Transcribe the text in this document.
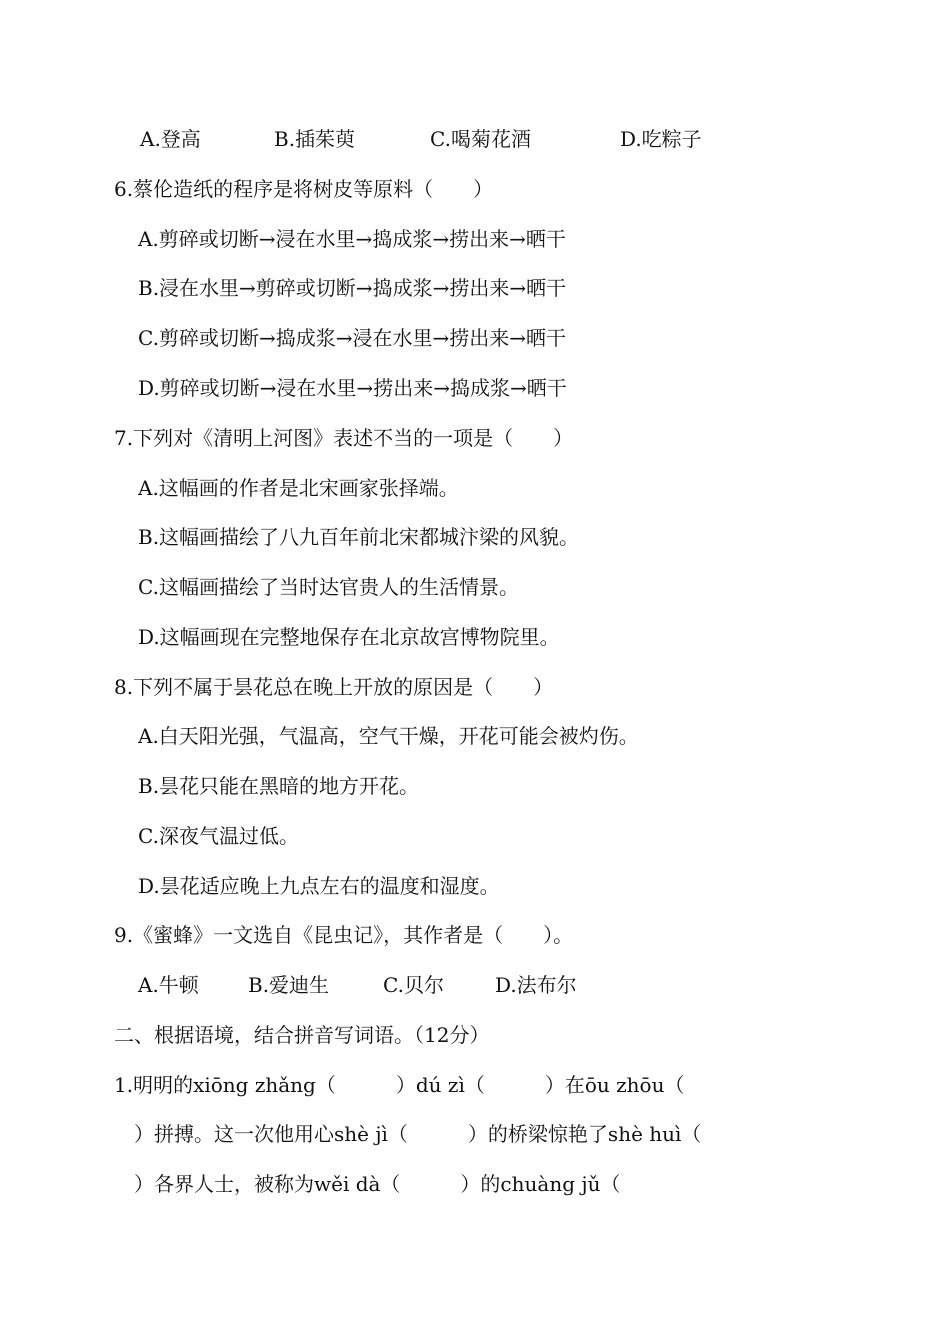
A.登高	B.插茱萸	C.喝菊花酒	D.吃粽子
6.蔡伦造纸的程序是将树皮等原料（　　）
A.剪碎或切断→浸在水里→捣成浆→捞出来→晒干
B.浸在水里→剪碎或切断→捣成浆→捞出来→晒干
C.剪碎或切断→捣成浆→浸在水里→捞出来→晒干
D.剪碎或切断→浸在水里→捞出来→捣成浆→晒干
7.下列对《清明上河图》表述不当的一项是（　　）
A.这幅画的作者是北宋画家张择端。
B.这幅画描绘了八九百年前北宋都城汴梁的风貌。
C.这幅画描绘了当时达官贵人的生活情景。
D.这幅画现在完整地保存在北京故宫博物院里。
8.下列不属于昙花总在晚上开放的原因是（　　）
A.白天阳光强，气温高，空气干燥，开花可能会被灼伤。
B.昙花只能在黑暗的地方开花。
C.深夜气温过低。
D.昙花适应晚上九点左右的温度和湿度。
9.《蜜蜂》一文选自《昆虫记》，其作者是（　　）。
A.牛顿 B.爱迪生	C.贝尔	D.法布尔
二、根据语境，结合拼音写词语。（12分）
1.明明的xiōng zhǎng（　　　）dú zì（　　　）在ōu zhōu（
）拼搏。这一次他用心shè jì（　　　）的桥梁惊艳了shè huì（
）各界人士，被称为wěi dà（　　　）的chuàng jǔ（
